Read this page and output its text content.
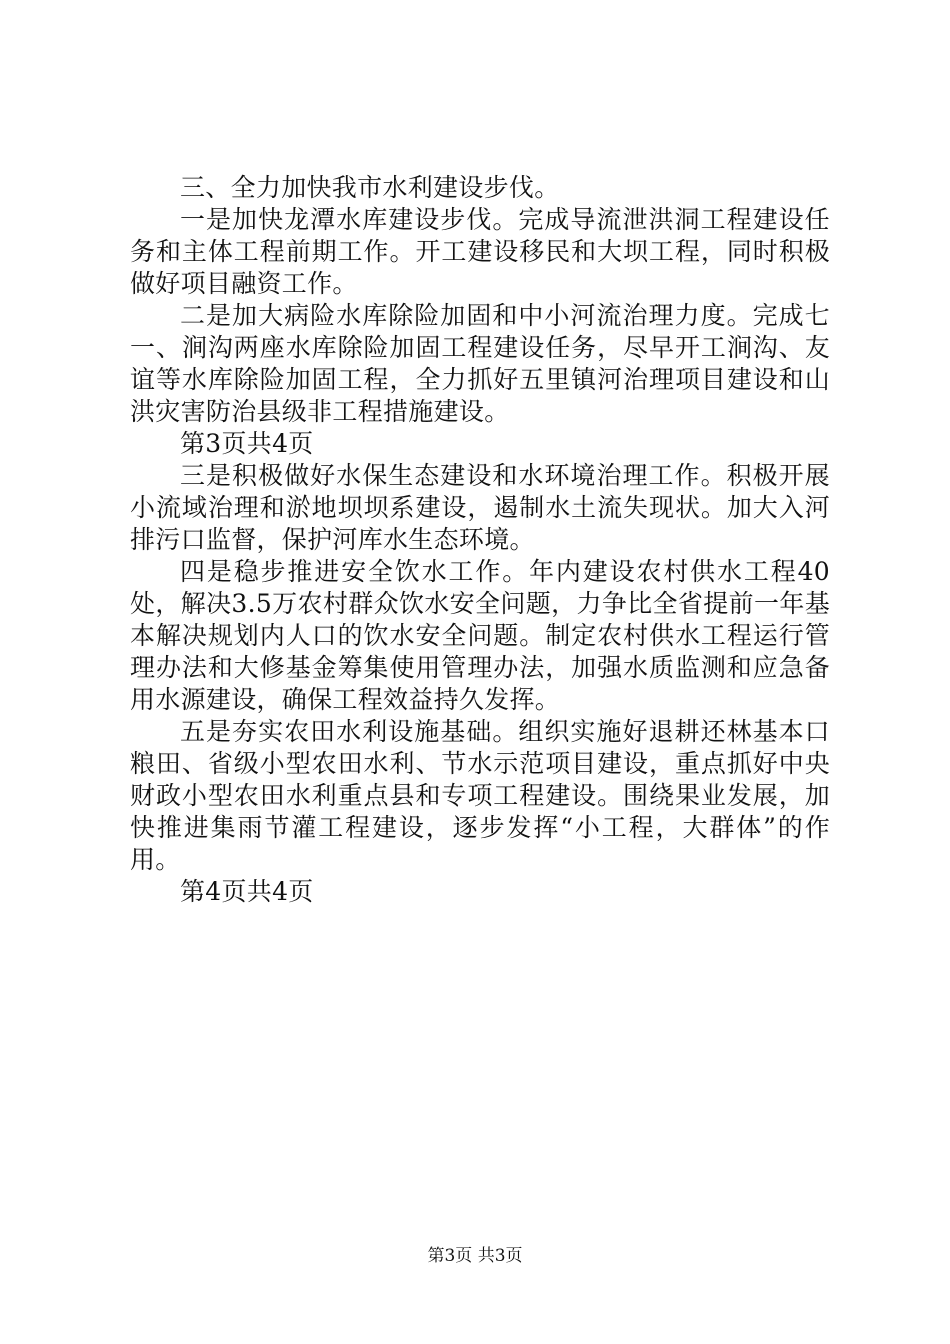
三、全力加快我市水利建设步伐。

一是加快龙潭水库建设步伐。完成导流泄洪洞工程建设任务和主体工程前期工作。开工建设移民和大坝工程，同时积极做好项目融资工作。

二是加大病险水库除险加固和中小河流治理力度。完成七一、涧沟两座水库除险加固工程建设任务，尽早开工涧沟、友谊等水库除险加固工程，全力抓好五里镇河治理项目建设和山洪灾害防治县级非工程措施建设。

第3页共4页

三是积极做好水保生态建设和水环境治理工作。积极开展小流域治理和淤地坝坝系建设，遏制水土流失现状。加大入河排污口监督，保护河库水生态环境。

四是稳步推进安全饮水工作。年内建设农村供水工程40处，解决3.5万农村群众饮水安全问题，力争比全省提前一年基本解决规划内人口的饮水安全问题。制定农村供水工程运行管理办法和大修基金筹集使用管理办法，加强水质监测和应急备用水源建设，确保工程效益持久发挥。

五是夯实农田水利设施基础。组织实施好退耕还林基本口粮田、省级小型农田水利、节水示范项目建设，重点抓好中央财政小型农田水利重点县和专项工程建设。围绕果业发展，加快推进集雨节灌工程建设，逐步发挥“小工程，大群体”的作用。

第4页共4页

第3页 共3页
